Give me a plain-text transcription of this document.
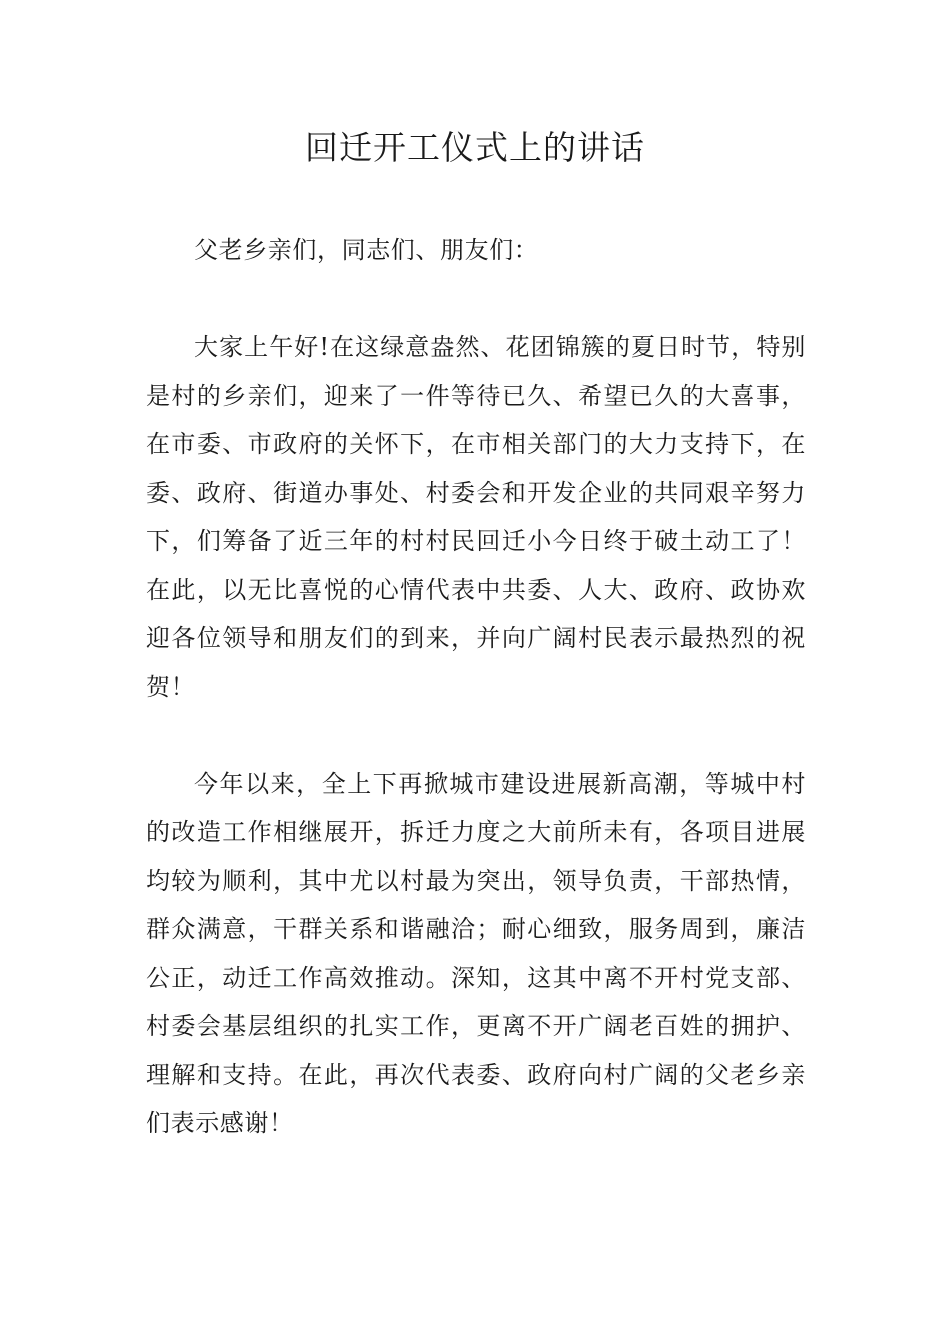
回迁开工仪式上的讲话

父老乡亲们，同志们、朋友们：

大家上午好!在这绿意盎然、花团锦簇的夏日时节，特别是村的乡亲们，迎来了一件等待已久、希望已久的大喜事，在市委、市政府的关怀下，在市相关部门的大力支持下，在委、政府、街道办事处、村委会和开发企业的共同艰辛努力下，们筹备了近三年的村村民回迁小今日终于破土动工了！在此，以无比喜悦的心情代表中共委、人大、政府、政协欢迎各位领导和朋友们的到来，并向广阔村民表示最热烈的祝贺！

今年以来，全上下再掀城市建设进展新高潮，等城中村的改造工作相继展开，拆迁力度之大前所未有，各项目进展均较为顺利，其中尤以村最为突出，领导负责，干部热情，群众满意，干群关系和谐融洽；耐心细致，服务周到，廉洁公正，动迁工作高效推动。深知，这其中离不开村党支部、村委会基层组织的扎实工作，更离不开广阔老百姓的拥护、理解和支持。在此，再次代表委、政府向村广阔的父老乡亲们表示感谢！
